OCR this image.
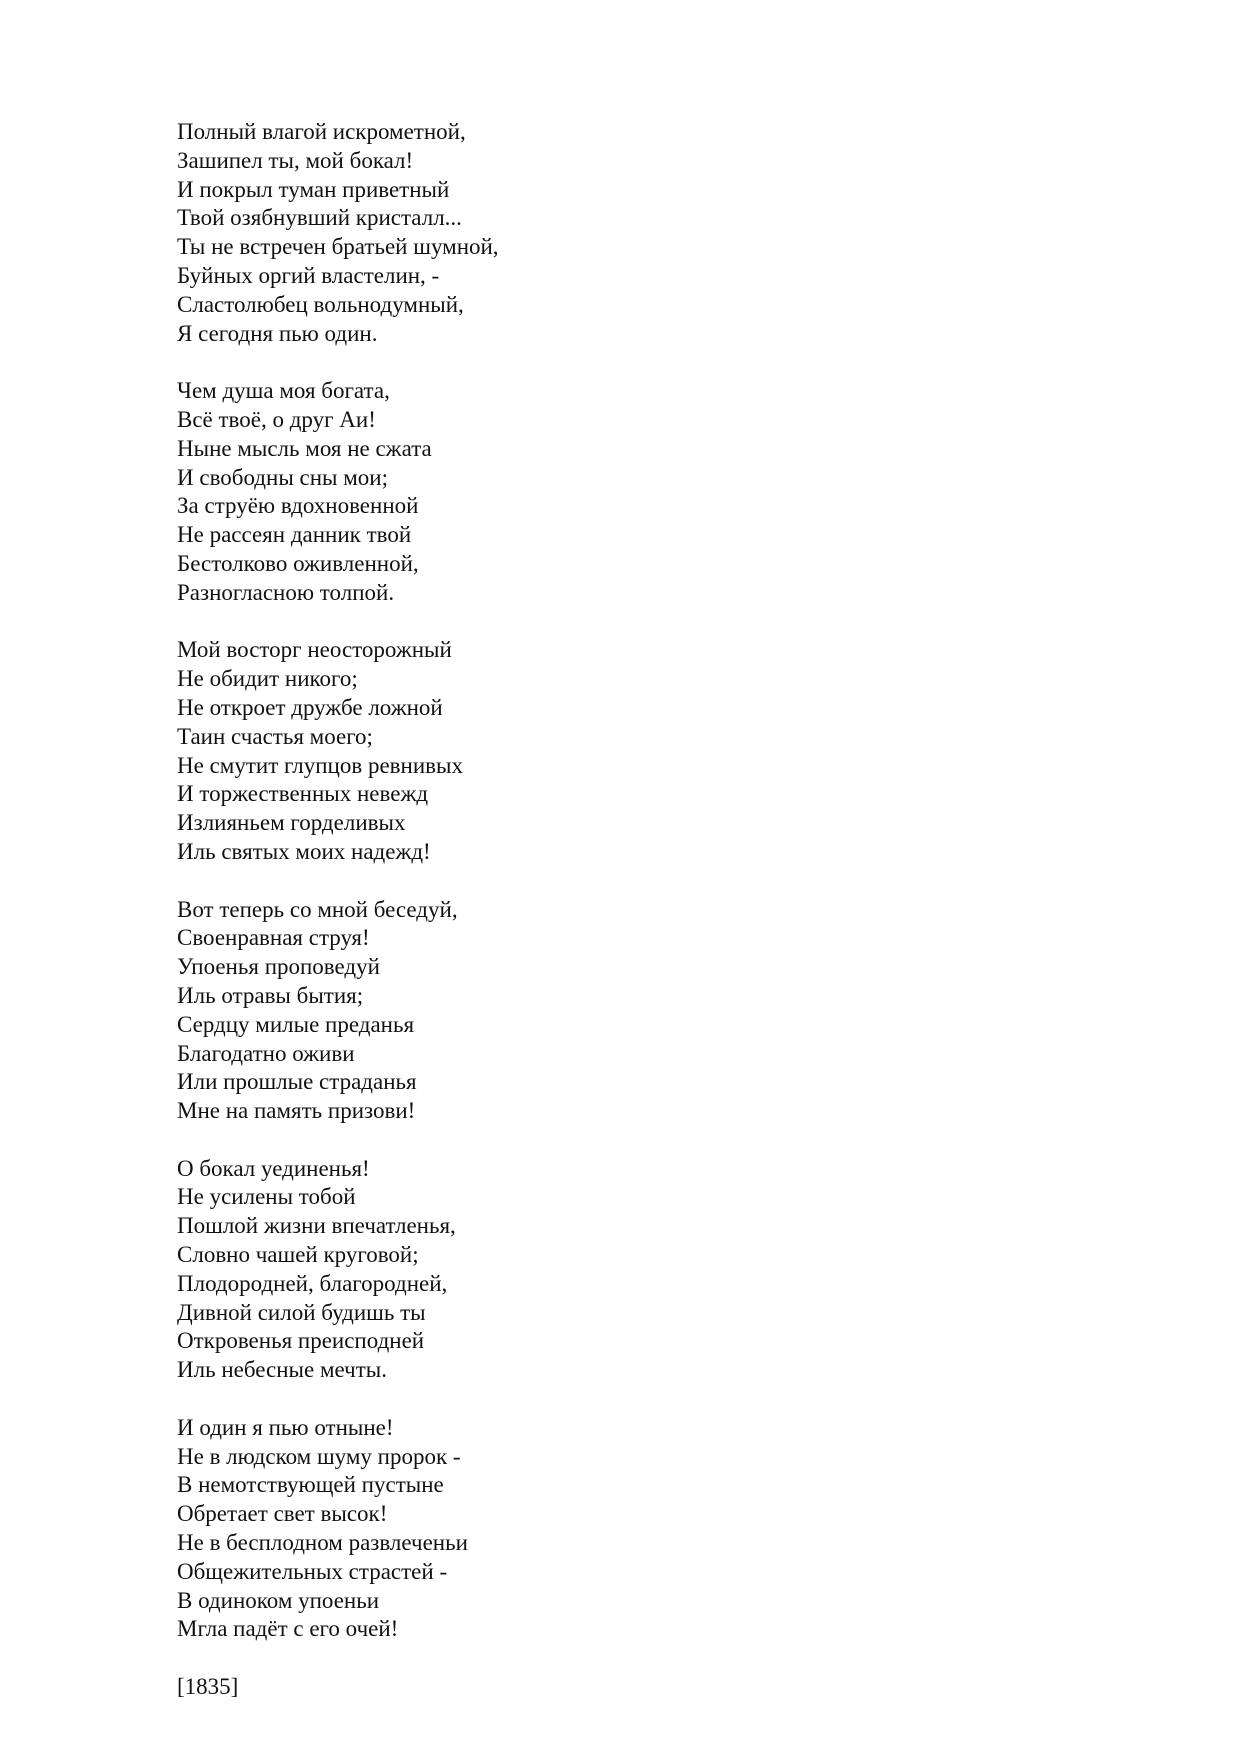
Полный влагой искрометной,
Зашипел ты, мой бокал!
И покрыл туман приветный
Твой озябнувший кристалл...
Ты не встречен братьей шумной,
Буйных оргий властелин, -
Сластолюбец вольнодумный,
Я сегодня пью один.
Чем душа моя богата,
Всё твоё, о друг Аи!
Ныне мысль моя не сжата
И свободны сны мои;
За струёю вдохновенной
Не рассеян данник твой
Бестолково оживленной,
Разногласною толпой.
Мой восторг неосторожный
Не обидит никого;
Не откроет дружбе ложной
Таин счастья моего;
Не смутит глупцов ревнивых
И торжественных невежд
Излияньем горделивых
Иль святых моих надежд!
Вот теперь со мной беседуй,
Своенравная струя!
Упоенья проповедуй
Иль отравы бытия;
Сердцу милые преданья
Благодатно оживи
Или прошлые страданья
Мне на память призови!
О бокал уединенья!
Не усилены тобой
Пошлой жизни впечатленья,
Словно чашей круговой;
Плодородней, благородней,
Дивной силой будишь ты
Откровенья преисподней
Иль небесные мечты.
И один я пью отныне!
Не в людском шуму пророк -
В немотствующей пустыне
Обретает свет высок!
Не в бесплодном развлеченьи
Общежительных страстей -
В одиноком упоеньи
Мгла падёт с его очей!
[1835]
